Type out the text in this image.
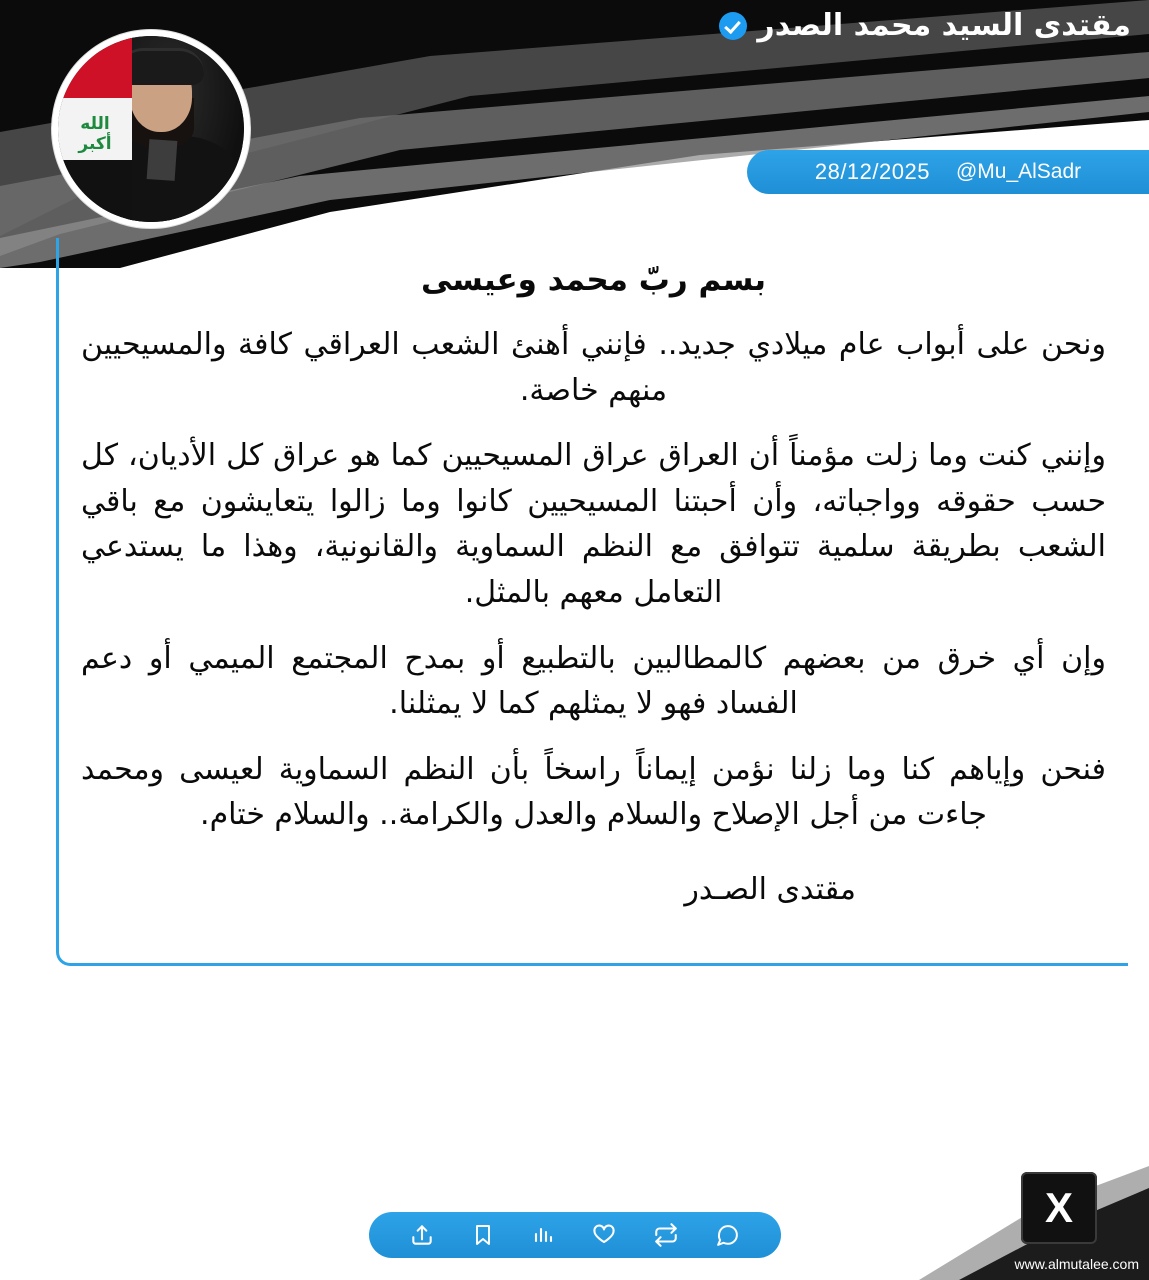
مقتدى السيد محمد الصدر
الله أكبر
28/12/2025 @Mu_AlSadr
بسم ربّ محمد وعيسى

ونحن على أبواب عام ميلادي جديد.. فإنني أهنئ الشعب العراقي كافة والمسيحيين منهم خاصة.

وإنني كنت وما زلت مؤمناً أن العراق عراق المسيحيين كما هو عراق كل الأديان، كل حسب حقوقه وواجباته، وأن أحبتنا المسيحيين كانوا وما زالوا يتعايشون مع باقي الشعب بطريقة سلمية تتوافق مع النظم السماوية والقانونية، وهذا ما يستدعي التعامل معهم بالمثل.

وإن أي خرق من بعضهم كالمطالبين بالتطبيع أو بمدح المجتمع الميمي أو دعم الفساد فهو لا يمثلهم كما لا يمثلنا.

فنحن وإياهم كنا وما زلنا نؤمن إيماناً راسخاً بأن النظم السماوية لعيسى ومحمد جاءت من أجل الإصلاح والسلام والعدل والكرامة.. والسلام ختام.

مقتدى الصـدر
X
www.almutalee.com
